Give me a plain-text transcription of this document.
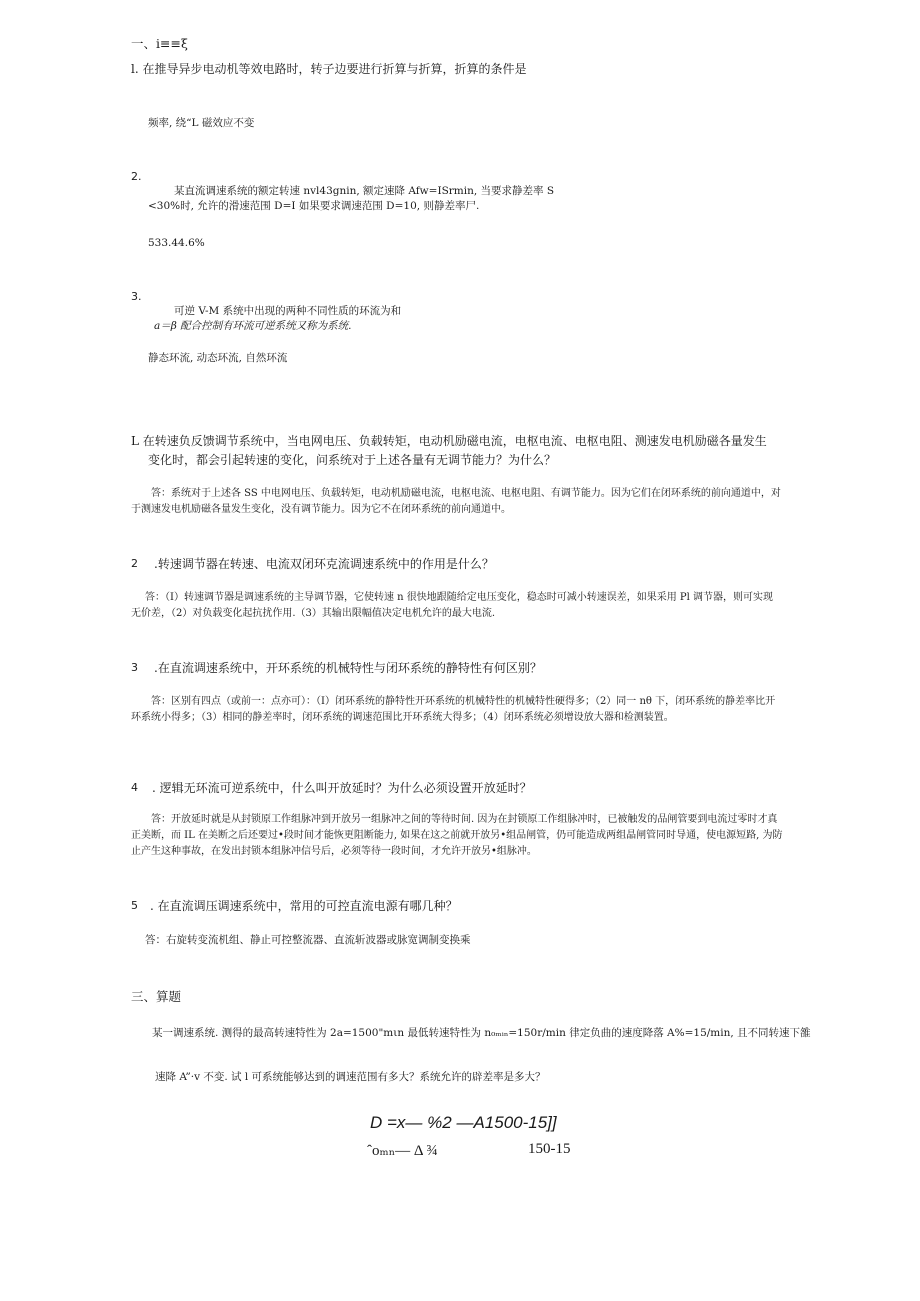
一、i≡≡ξ
l. 在推导异步电动机等效电路时，转子边要进行折算与折算，折算的条件是
频率, 绕“L 磁效应不变
2.
某直流调速系统的额定转速 nvl43gnin, 额定速降 Afw=ISrmin, 当要求静差率 S
<30%时, 允许的滑速范围 D=I 如果要求调速范围 D=10, 则静差率尸.
533.44.6%
3.
可逆 V-M 系统中出现的两种不同性质的环流为和
a＝β 配合控制有环流可逆系统又称为系统.
静态环流, 动态环流, 自然环流
L 在转速负反馈调节系统中，当电网电压、负载转矩，电动机励磁电流，电枢电流、电枢电阻、测速发电机励磁各量发生
变化时，都会引起转速的变化，问系统对于上述各量有无调节能力？为什么？
答：系统对于上述各 SS 中电网电压、负载转矩，电动机励磁电流，电枢电流、电枢电阻、有调节能力。因为它们在闭环系统的前向通道中，对于测速发电机励磁各量发生变化，没有调节能力。因为它不在闭环系统的前向通道中。
2 .转速调节器在转速、电流双闭环克流调速系统中的作用是什么？
答：（I）转速调节器是调速系统的主导调节器，它使转速 n 很快地跟随给定电压变化，稳态时可减小转速误差，如果采用 Pl 调节器，则可实现无价差，（2）对负载变化起抗扰作用.（3）其输出限幅值决定电机允许的最大电流.
3 .在直流调速系统中，开环系统的机械特性与闭环系统的静特性有何区别？
答：区别有四点（或前一：点亦可）：（I）闭环系统的静特性开环系统的机械特性的机械特性硬得多；（2）同一 nθ 下，闭环系统的静差率比开环系统小得多；（3）相同的静差率时，闭环系统的调速范围比开环系统大得多；（4）闭环系统必须增设放大器和检测装置。
4 . 逻辑无环流可逆系统中，什么叫开放延时？为什么必须设置开放延时？
答：开放延时就是从封锁原工作组脉冲到开放另一组脉冲之间的等待时间. 因为在封锁原工作组脉冲时，已被触发的品闸管要到电流过零时才真正美断，而 IL 在美断之后还要过•段时间才能恢更阻断能力, 如果在这之前就开放另•组品闸管，仍可能造成两组晶闸管同时导通，使电源短路, 为防止产生这种事故，在发出封锁本组脉冲信号后，必须等待一段时间，才允许开放另•组脉冲。
5 . 在直流调压调速系统中，常用的可控直流电源有哪几种？
答：右旋转变流机组、静止可控整流器、直流斩波器或脉宽调制变换乘
三、算题
某一调速系统. 测得的最高转速特性为 2a=1500"mιn 最低转速特性为 n₀ₘᵢₙ=150r/min 律定负曲的速度降落 A%=15/min, 且不同转速下雒
速降 A”·v 不变. 试 l 可系统能够达到的调速范围有多大？系统允许的辟差率是多大？
D =x— %2 —A1500-15]]
ˆoₘₙ— Δ ¾	150-15
